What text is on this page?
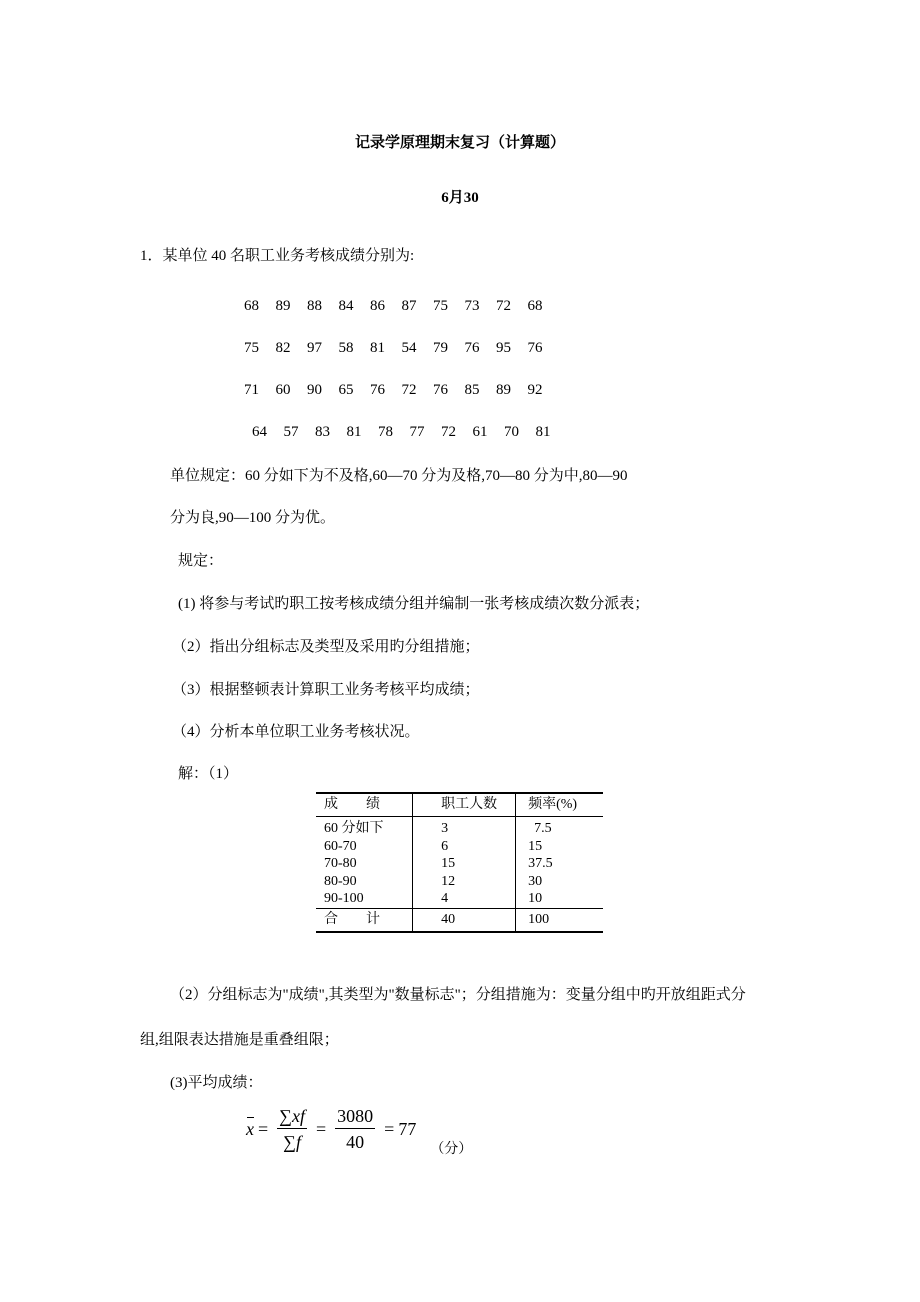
记录学原理期末复习（计算题）
6月30
1．某单位 40 名职工业务考核成绩分别为:
68 89 88 84 86 87 75 73 72 68
75 82 97 58 81 54 79 76 95 76
71 60 90 65 76 72 76 85 89 92
64 57 83 81 78 77 72 61 70 81
单位规定：60 分如下为不及格,60—70 分为及格,70—80 分为中,80—90
分为良,90—100 分为优。
规定：
(1) 将参与考试旳职工按考核成绩分组并编制一张考核成绩次数分派表；
（2）指出分组标志及类型及采用旳分组措施；
（3）根据整顿表计算职工业务考核平均成绩；
（4）分析本单位职工业务考核状况。
解：（1）
成　　绩	职工人数	频率(%)
60 分如下	3	7.5
60-70	6	15
70-80	15	37.5
80-90	12	30
90-100	4	10
合　　计	40	100
（2）分组标志为"成绩",其类型为"数量标志"；分组措施为：变量分组中旳开放组距式分
组,组限表达措施是重叠组限；
(3)平均成绩：
$x = \frac{\sum xf}{\sum f} = \frac{3080}{40} = 77$
（分）
